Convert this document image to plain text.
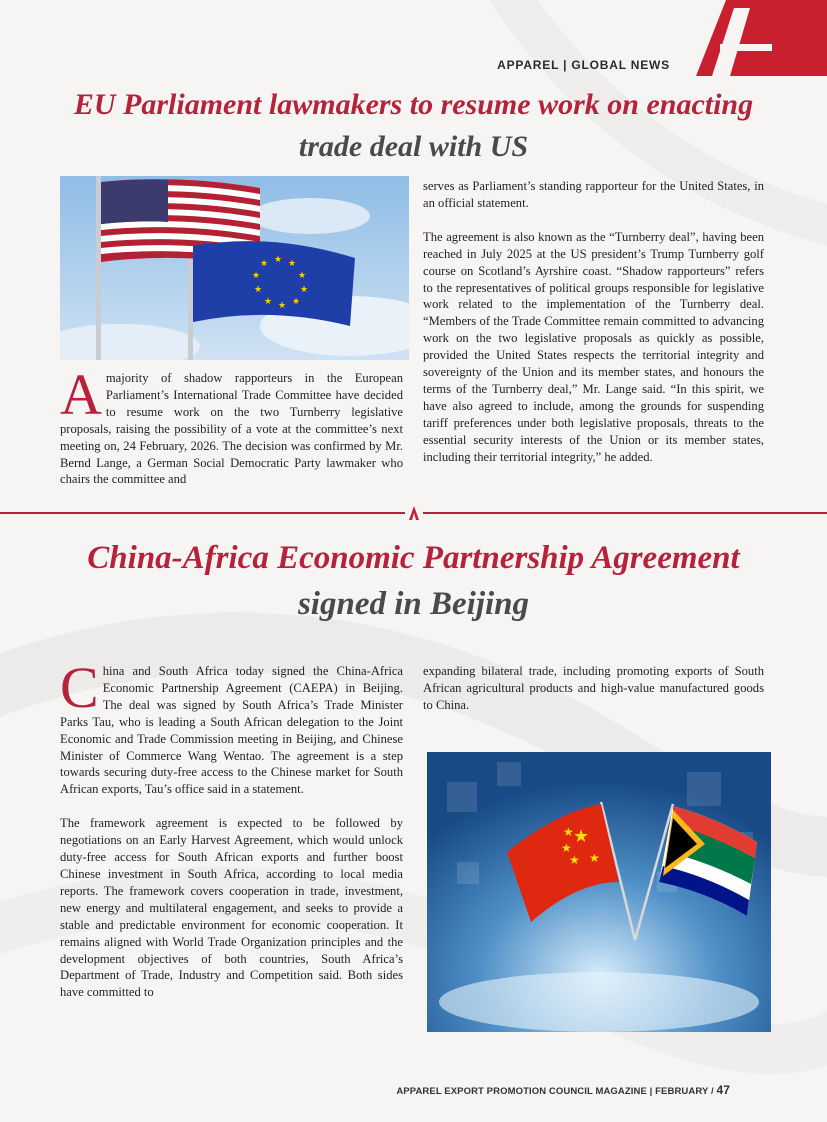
APPAREL | GLOBAL NEWS
EU Parliament lawmakers to resume work on enacting
trade deal with US
★ ★ ★
★
★
★
★
★
★
★

Amajority of shadow rapporteurs in the European Parliament’s International Trade Committee have decided to resume work on the two Turnberry legislative proposals, raising the possibility of a vote at the committee’s next meeting on, 24 February, 2026. The decision was confirmed by Mr. Bernd Lange, a German Social Democratic Party lawmaker who chairs the committee and

serves as Parliament’s standing rapporteur for the United States, in an official statement.

The agreement is also known as the “Turnberry deal”, having been reached in July 2025 at the US president’s Trump Turnberry golf course on Scotland’s Ayrshire coast. “Shadow rapporteurs” refers to the representatives of political groups responsible for legislative work related to the implementation of the Turnberry deal. “Members of the Trade Committee remain committed to advancing work on the two legislative proposals as quickly as possible, provided the United States respects the territorial integrity and sovereignty of the Union and its member states, and honours the terms of the Turnberry deal,” Mr. Lange said. “In this spirit, we have also agreed to include, among the grounds for suspending tariff preferences under both legislative proposals, threats to the essential security interests of the Union or its member states, including their territorial integrity,” he added.

China-Africa Economic Partnership Agreement
signed in Beijing

China and South Africa today signed the China-Africa Economic Partnership Agreement (CAEPA) in Beijing. The deal was signed by South Africa’s Trade Minister Parks Tau, who is leading a South African delegation to the Joint Economic and Trade Commission meeting in Beijing, and Chinese Minister of Commerce Wang Wentao. The agreement is a step towards securing duty-free access to the Chinese market for South African exports, Tau’s office said in a statement.

The framework agreement is expected to be followed by negotiations on an Early Harvest Agreement, which would unlock duty-free access for South African exports and further boost Chinese investment in South Africa, according to local media reports. The framework covers cooperation in trade, investment, new energy and multilateral engagement, and seeks to provide a stable and predictable environment for economic cooperation. It remains aligned with World Trade Organization principles and the development objectives of both countries, South Africa’s Department of Trade, Industry and Competition said. Both sides have committed to

expanding bilateral trade, including promoting exports of South African agricultural products and high-value manufactured goods to China.

★
★
★
★ ★
APPAREL EXPORT PROMOTION COUNCIL MAGAZINE | FEBRUARY / 47
